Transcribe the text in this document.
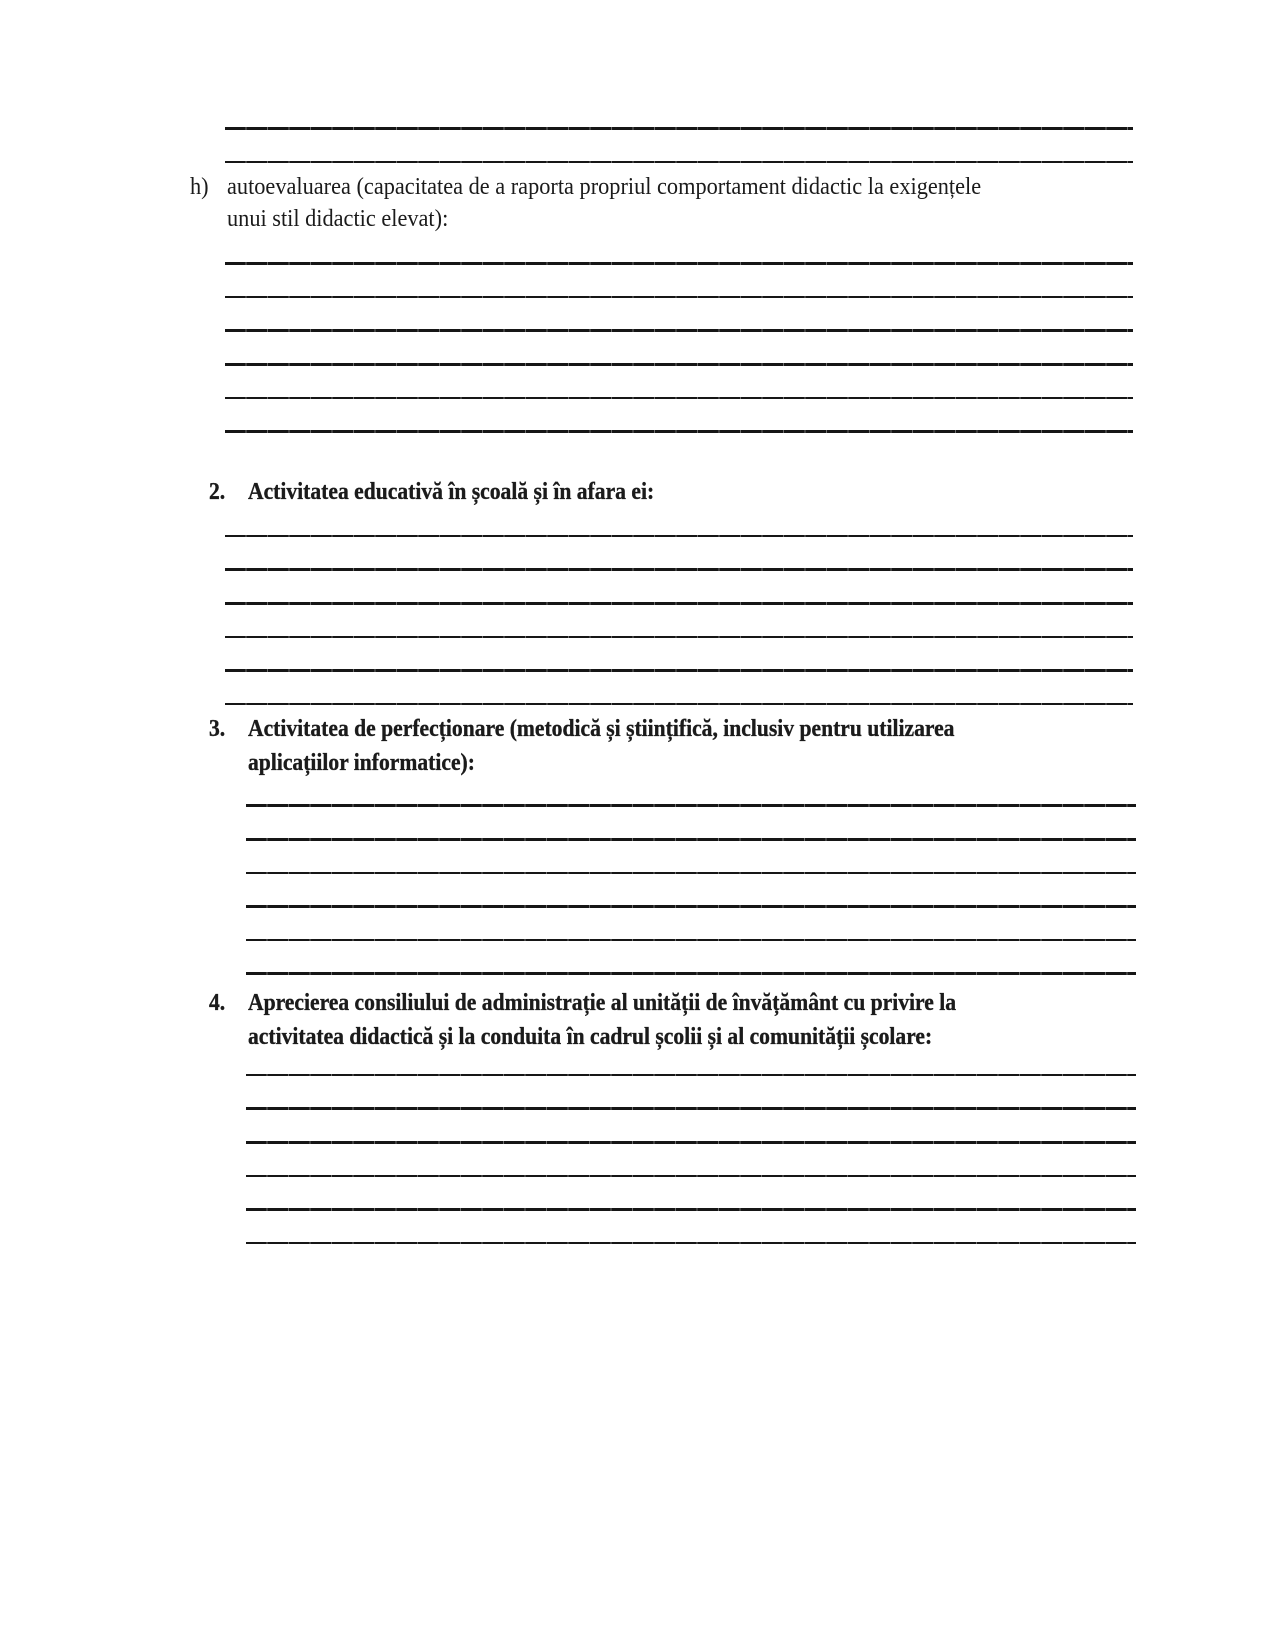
h) autoevaluarea (capacitatea de a raporta propriul comportament didactic la exigențele
unui stil didactic elevat):
2. Activitatea educativă în școală și în afara ei:
3. Activitatea de perfecționare (metodică și științifică, inclusiv pentru utilizarea
aplicațiilor informatice):
4. Aprecierea consiliului de administrație al unității de învățământ cu privire la
activitatea didactică și la conduita în cadrul școlii și al comunității școlare:
